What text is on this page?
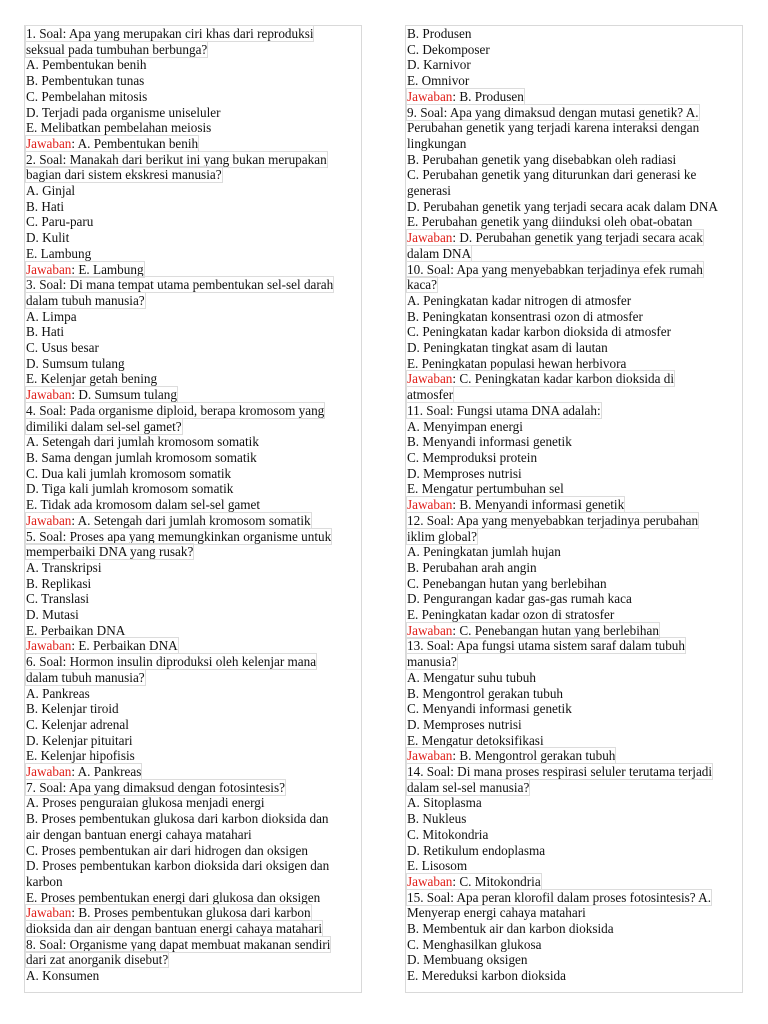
1. Soal: Apa yang merupakan ciri khas dari reproduksi
seksual pada tumbuhan berbunga?
A. Pembentukan benih
B. Pembentukan tunas
C. Pembelahan mitosis
D. Terjadi pada organisme uniseluler
E. Melibatkan pembelahan meiosis
Jawaban: A. Pembentukan benih
2. Soal: Manakah dari berikut ini yang bukan merupakan
bagian dari sistem ekskresi manusia?
A. Ginjal
B. Hati
C. Paru-paru
D. Kulit
E. Lambung
Jawaban: E. Lambung
3. Soal: Di mana tempat utama pembentukan sel-sel darah
dalam tubuh manusia?
A. Limpa
B. Hati
C. Usus besar
D. Sumsum tulang
E. Kelenjar getah bening
Jawaban: D. Sumsum tulang
4. Soal: Pada organisme diploid, berapa kromosom yang
dimiliki dalam sel-sel gamet?
A. Setengah dari jumlah kromosom somatik
B. Sama dengan jumlah kromosom somatik
C. Dua kali jumlah kromosom somatik
D. Tiga kali jumlah kromosom somatik
E. Tidak ada kromosom dalam sel-sel gamet
Jawaban: A. Setengah dari jumlah kromosom somatik
5. Soal: Proses apa yang memungkinkan organisme untuk
memperbaiki DNA yang rusak?
A. Transkripsi
B. Replikasi
C. Translasi
D. Mutasi
E. Perbaikan DNA
Jawaban: E. Perbaikan DNA
6. Soal: Hormon insulin diproduksi oleh kelenjar mana
dalam tubuh manusia?
A. Pankreas
B. Kelenjar tiroid
C. Kelenjar adrenal
D. Kelenjar pituitari
E. Kelenjar hipofisis
Jawaban: A. Pankreas
7. Soal: Apa yang dimaksud dengan fotosintesis?
A. Proses penguraian glukosa menjadi energi
B. Proses pembentukan glukosa dari karbon dioksida dan
air dengan bantuan energi cahaya matahari
C. Proses pembentukan air dari hidrogen dan oksigen
D. Proses pembentukan karbon dioksida dari oksigen dan
karbon
E. Proses pembentukan energi dari glukosa dan oksigen
Jawaban: B. Proses pembentukan glukosa dari karbon
dioksida dan air dengan bantuan energi cahaya matahari
8. Soal: Organisme yang dapat membuat makanan sendiri
dari zat anorganik disebut?
A. Konsumen
B. Produsen
C. Dekomposer
D. Karnivor
E. Omnivor
Jawaban: B. Produsen
9. Soal: Apa yang dimaksud dengan mutasi genetik? A.
Perubahan genetik yang terjadi karena interaksi dengan
lingkungan
B. Perubahan genetik yang disebabkan oleh radiasi
C. Perubahan genetik yang diturunkan dari generasi ke
generasi
D. Perubahan genetik yang terjadi secara acak dalam DNA
E. Perubahan genetik yang diinduksi oleh obat-obatan
Jawaban: D. Perubahan genetik yang terjadi secara acak
dalam DNA
10. Soal: Apa yang menyebabkan terjadinya efek rumah
kaca?
A. Peningkatan kadar nitrogen di atmosfer
B. Peningkatan konsentrasi ozon di atmosfer
C. Peningkatan kadar karbon dioksida di atmosfer
D. Peningkatan tingkat asam di lautan
E. Peningkatan populasi hewan herbivora
Jawaban: C. Peningkatan kadar karbon dioksida di
atmosfer
11. Soal: Fungsi utama DNA adalah:
A. Menyimpan energi
B. Menyandi informasi genetik
C. Memproduksi protein
D. Memproses nutrisi
E. Mengatur pertumbuhan sel
Jawaban: B. Menyandi informasi genetik
12. Soal: Apa yang menyebabkan terjadinya perubahan
iklim global?
A. Peningkatan jumlah hujan
B. Perubahan arah angin
C. Penebangan hutan yang berlebihan
D. Pengurangan kadar gas-gas rumah kaca
E. Peningkatan kadar ozon di stratosfer
Jawaban: C. Penebangan hutan yang berlebihan
13. Soal: Apa fungsi utama sistem saraf dalam tubuh
manusia?
A. Mengatur suhu tubuh
B. Mengontrol gerakan tubuh
C. Menyandi informasi genetik
D. Memproses nutrisi
E. Mengatur detoksifikasi
Jawaban: B. Mengontrol gerakan tubuh
14. Soal: Di mana proses respirasi seluler terutama terjadi
dalam sel-sel manusia?
A. Sitoplasma
B. Nukleus
C. Mitokondria
D. Retikulum endoplasma
E. Lisosom
Jawaban: C. Mitokondria
15. Soal: Apa peran klorofil dalam proses fotosintesis? A.
Menyerap energi cahaya matahari
B. Membentuk air dan karbon dioksida
C. Menghasilkan glukosa
D. Membuang oksigen
E. Mereduksi karbon dioksida
